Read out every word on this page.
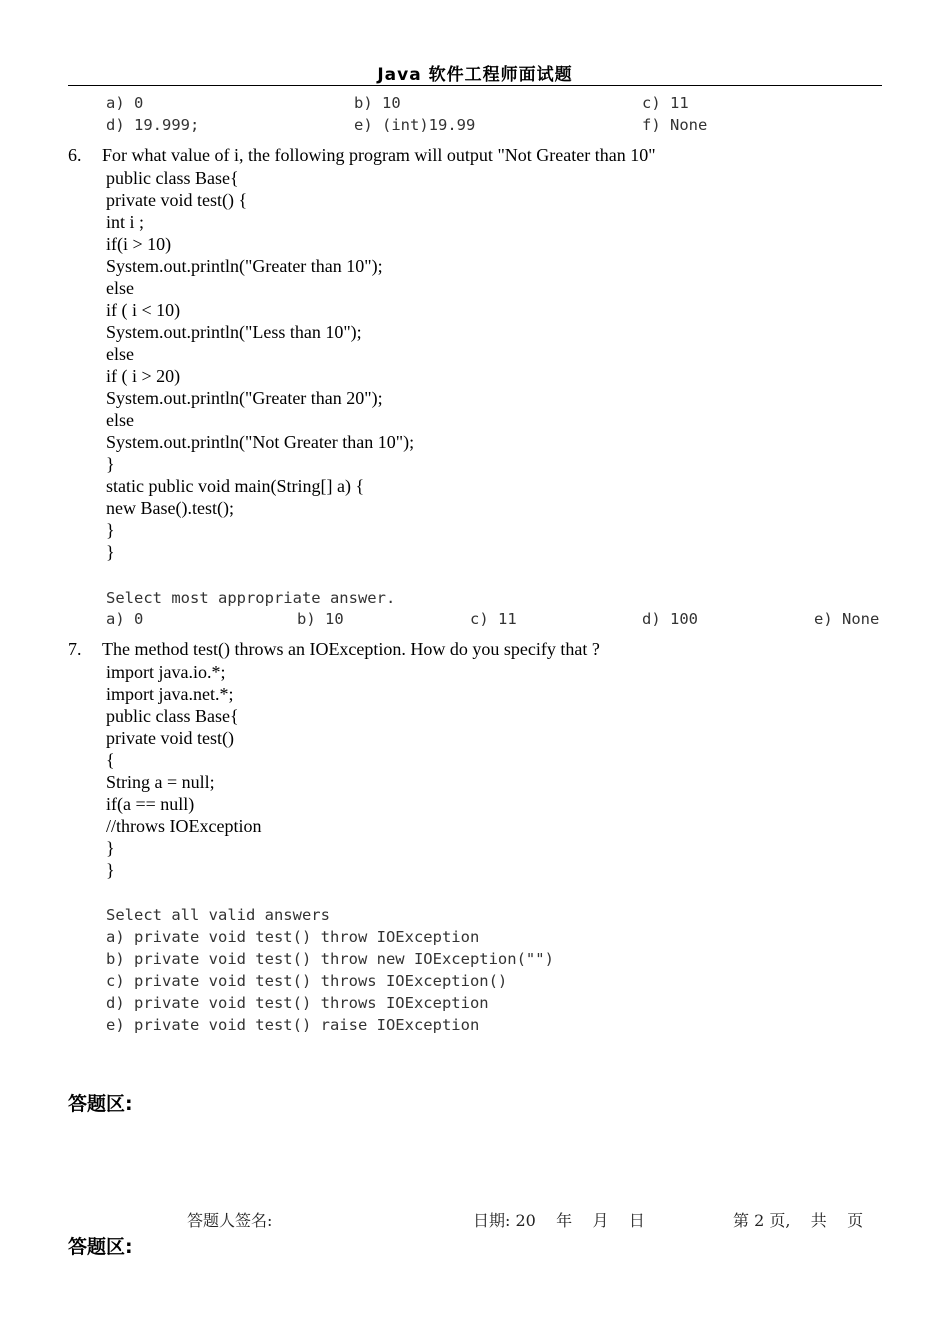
Java 软件工程师面试题
a) 0	b) 10	c) 11
d) 19.999;	e) (int)19.99	f) None
6. For what value of i, the following program will output "Not Greater than 10"
public class Base{
private void test() {
int i ;
if(i > 10)
System.out.println("Greater than 10");
else
if ( i < 10)
System.out.println("Less than 10");
else
if ( i > 20)
System.out.println("Greater than 20");
else
System.out.println("Not Greater than 10");
}
static public void main(String[] a) {
new Base().test();
}
}
Select most appropriate answer.
a) 0	b) 10	c) 11	d) 100	e) None
7. The method test() throws an IOException. How do you specify that ?
import java.io.*;
import java.net.*;
public class Base{
private void test()
{
String a = null;
if(a == null)
//throws IOException
}
}
Select all valid answers
a) private void test() throw IOException
b) private void test() throw new IOException("")
c) private void test() throws IOException()
d) private void test() throws IOException
e) private void test() raise IOException
答题区:
答题人签名:	日期: 20    年    月    日	第 2 页,    共    页
答题区:
